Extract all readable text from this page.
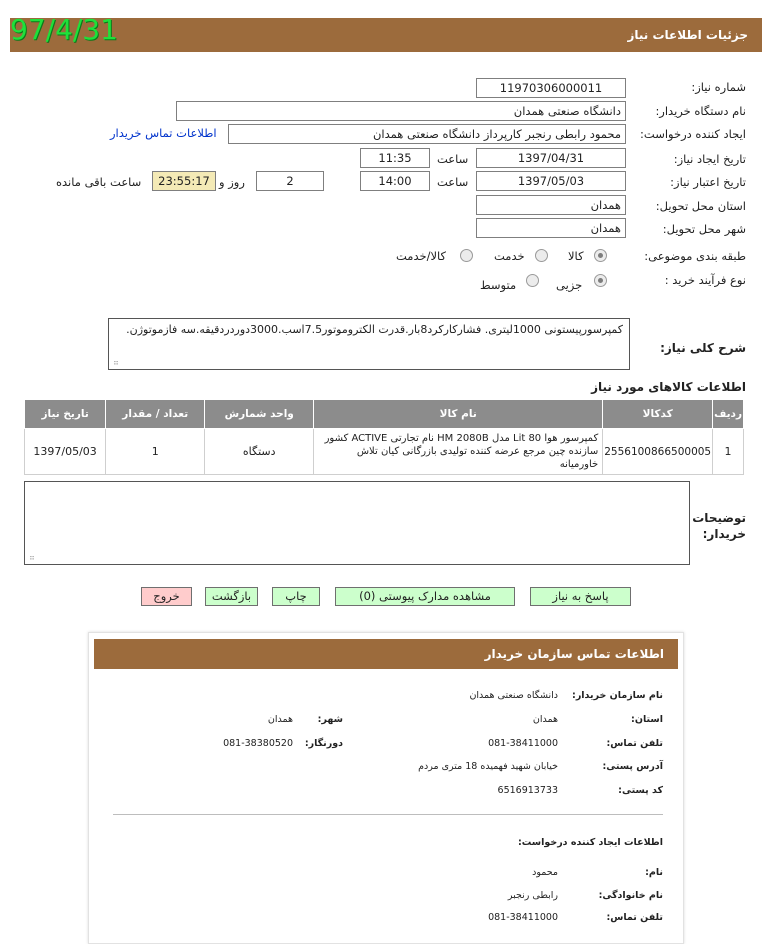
جزئیات اطلاعات نیاز
97/4/31
شماره نیاز:
11970306000011
نام دستگاه خریدار:
دانشگاه صنعتی همدان
ایجاد کننده درخواست:
محمود رابطی رنجبر کارپرداز دانشگاه صنعتی همدان
اطلاعات تماس خریدار
تاریخ ایجاد نیاز:
1397/04/31
ساعت
11:35
تاریخ اعتبار نیاز:
1397/05/03
ساعت
14:00
2
روز و
23:55:17
ساعت باقی مانده
استان محل تحویل:
همدان
شهر محل تحویل:
همدان
طبقه بندی موضوعی:
کالا
خدمت
کالا/خدمت
نوع فرآیند خرید :
جزیی
متوسط
شرح کلی نیاز:
کمپرسورپیستونی 1000لیتری. فشارکارکرد8بار.قدرت الکتروموتور7.5اسب.3000دوردردقیقه.سه فازموتوژن.
⠶
اطلاعات کالاهای مورد نیاز
ردیف	کدکالا	نام کالا	واحد شمارش	تعداد / مقدار	تاریخ نیاز
1	2556100866500005	کمپرسور هوا Lit 80 مدل HM 2080B نام تجارتی ACTIVE کشور سازنده چین مرجع عرضه کننده تولیدی بازرگانی کیان تلاش خاورمیانه	دستگاه	1	1397/05/03
توضیحات خریدار:
⠶
پاسخ به نیاز
مشاهده مدارک پیوستی (0)
چاپ
بازگشت
خروج
اطلاعات تماس سازمان خریدار
نام سازمان خریدار:
دانشگاه صنعتی همدان
استان:
همدان
شهر:
همدان
تلفن تماس:
081-38411000
دورنگار:
081-38380520
آدرس پستی:
خیابان شهید فهمیده 18 متری مردم
کد پستی:
6516913733
اطلاعات ایجاد کننده درخواست:
نام:
محمود
نام خانوادگی:
رابطی رنجبر
تلفن تماس:
081-38411000
